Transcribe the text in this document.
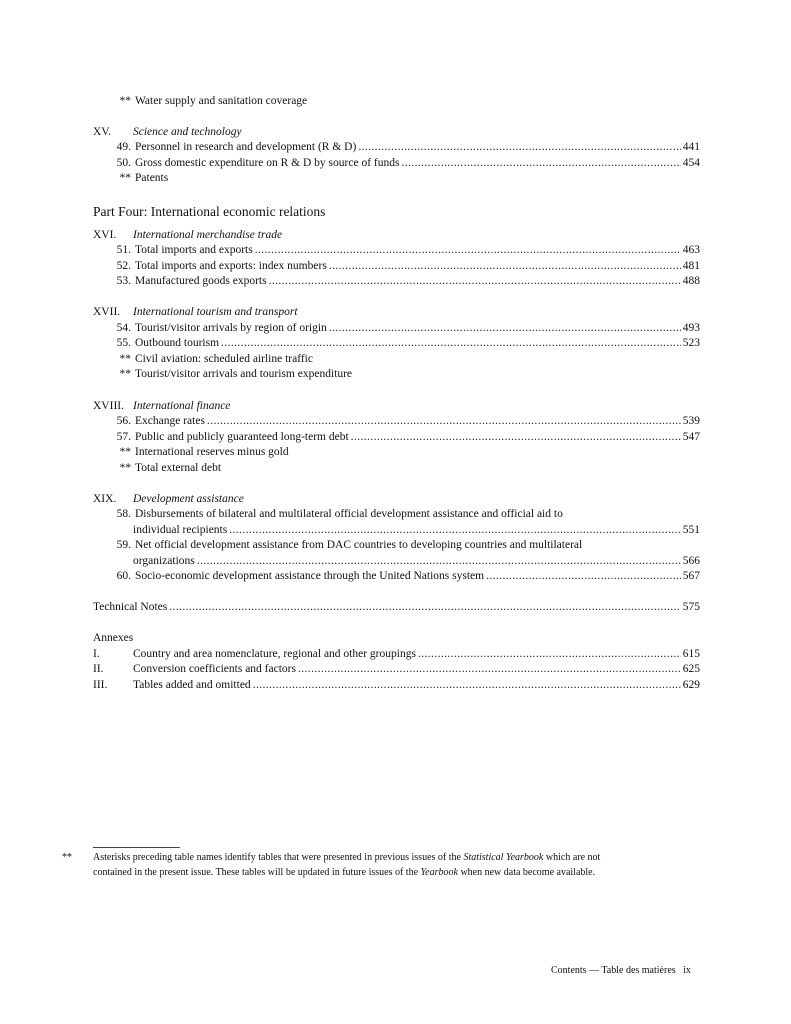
** Water supply and sanitation coverage
XV.	Science and technology
49. Personnel in research and development (R & D) .....	441
50. Gross domestic expenditure on R & D by source of funds .....	454
** Patents
Part Four: International economic relations
XVI.	International merchandise trade
51. Total imports and exports .....	463
52. Total imports and exports: index numbers .....	481
53. Manufactured goods exports .....	488
XVII.	International tourism and transport
54. Tourist/visitor arrivals by region of origin .....	493
55. Outbound tourism .....	523
** Civil aviation: scheduled airline traffic
** Tourist/visitor arrivals and tourism expenditure
XVIII. International finance
56. Exchange rates .....	539
57. Public and publicly guaranteed long-term debt .....	547
** International reserves minus gold
** Total external debt
XIX.	Development assistance
58. Disbursements of bilateral and multilateral official development assistance and official aid to
individual recipients .....	551
59. Net official development assistance from DAC countries to developing countries and multilateral
organizations .....	566
60. Socio-economic development assistance through the United Nations system .....	567
Technical Notes .....	575
Annexes
I.	Country and area nomenclature, regional and other groupings .....	615
II.	Conversion coefficients and factors .....	625
III.	Tables added and omitted .....	629
** Asterisks preceding table names identify tables that were presented in previous issues of the Statistical Yearbook which are not
contained in the present issue. These tables will be updated in future issues of the Yearbook when new data become available.
Contents — Table des matières ix
